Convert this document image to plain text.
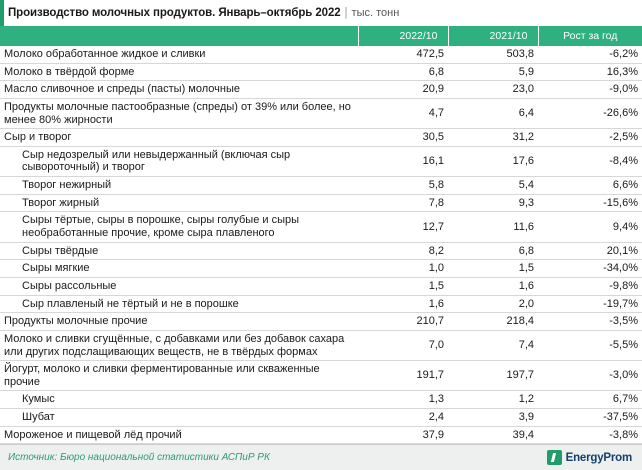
Производство молочных продуктов. Январь–октябрь 2022 | тыс. тонн
	2022/10	2021/10	Рост за год
Молоко обработанное жидкое и сливки	472,5	503,8	-6,2%
Молоко в твёрдой форме	6,8	5,9	16,3%
Масло сливочное и спреды (пасты) молочные	20,9	23,0	-9,0%
Продукты молочные пастообразные (спреды) от 39% или более, но менее 80% жирности	4,7	6,4	-26,6%
Сыр и творог	30,5	31,2	-2,5%
Сыр недозрелый или невыдержанный (включая сыр сывороточный) и творог	16,1	17,6	-8,4%
Творог нежирный	5,8	5,4	6,6%
Творог жирный	7,8	9,3	-15,6%
Сыры тёртые, сыры в порошке, сыры голубые и сыры необработанные прочие, кроме сыра плавленого	12,7	11,6	9,4%
Сыры твёрдые	8,2	6,8	20,1%
Сыры мягкие	1,0	1,5	-34,0%
Сыры рассольные	1,5	1,6	-9,8%
Сыр плавленый не тёртый и не в порошке	1,6	2,0	-19,7%
Продукты молочные прочие	210,7	218,4	-3,5%
Молоко и сливки сгущённые, с добавками или без добавок сахара или других подслащивающих веществ, не в твёрдых формах	7,0	7,4	-5,5%
Йогурт, молоко и сливки ферментированные или скваженные прочие	191,7	197,7	-3,0%
Кумыс	1,3	1,2	6,7%
Шубат	2,4	3,9	-37,5%
Мороженое и пищевой лёд прочий	37,9	39,4	-3,8%
Источник: Бюро национальной статистики АСПиР РК	EnergyProm
